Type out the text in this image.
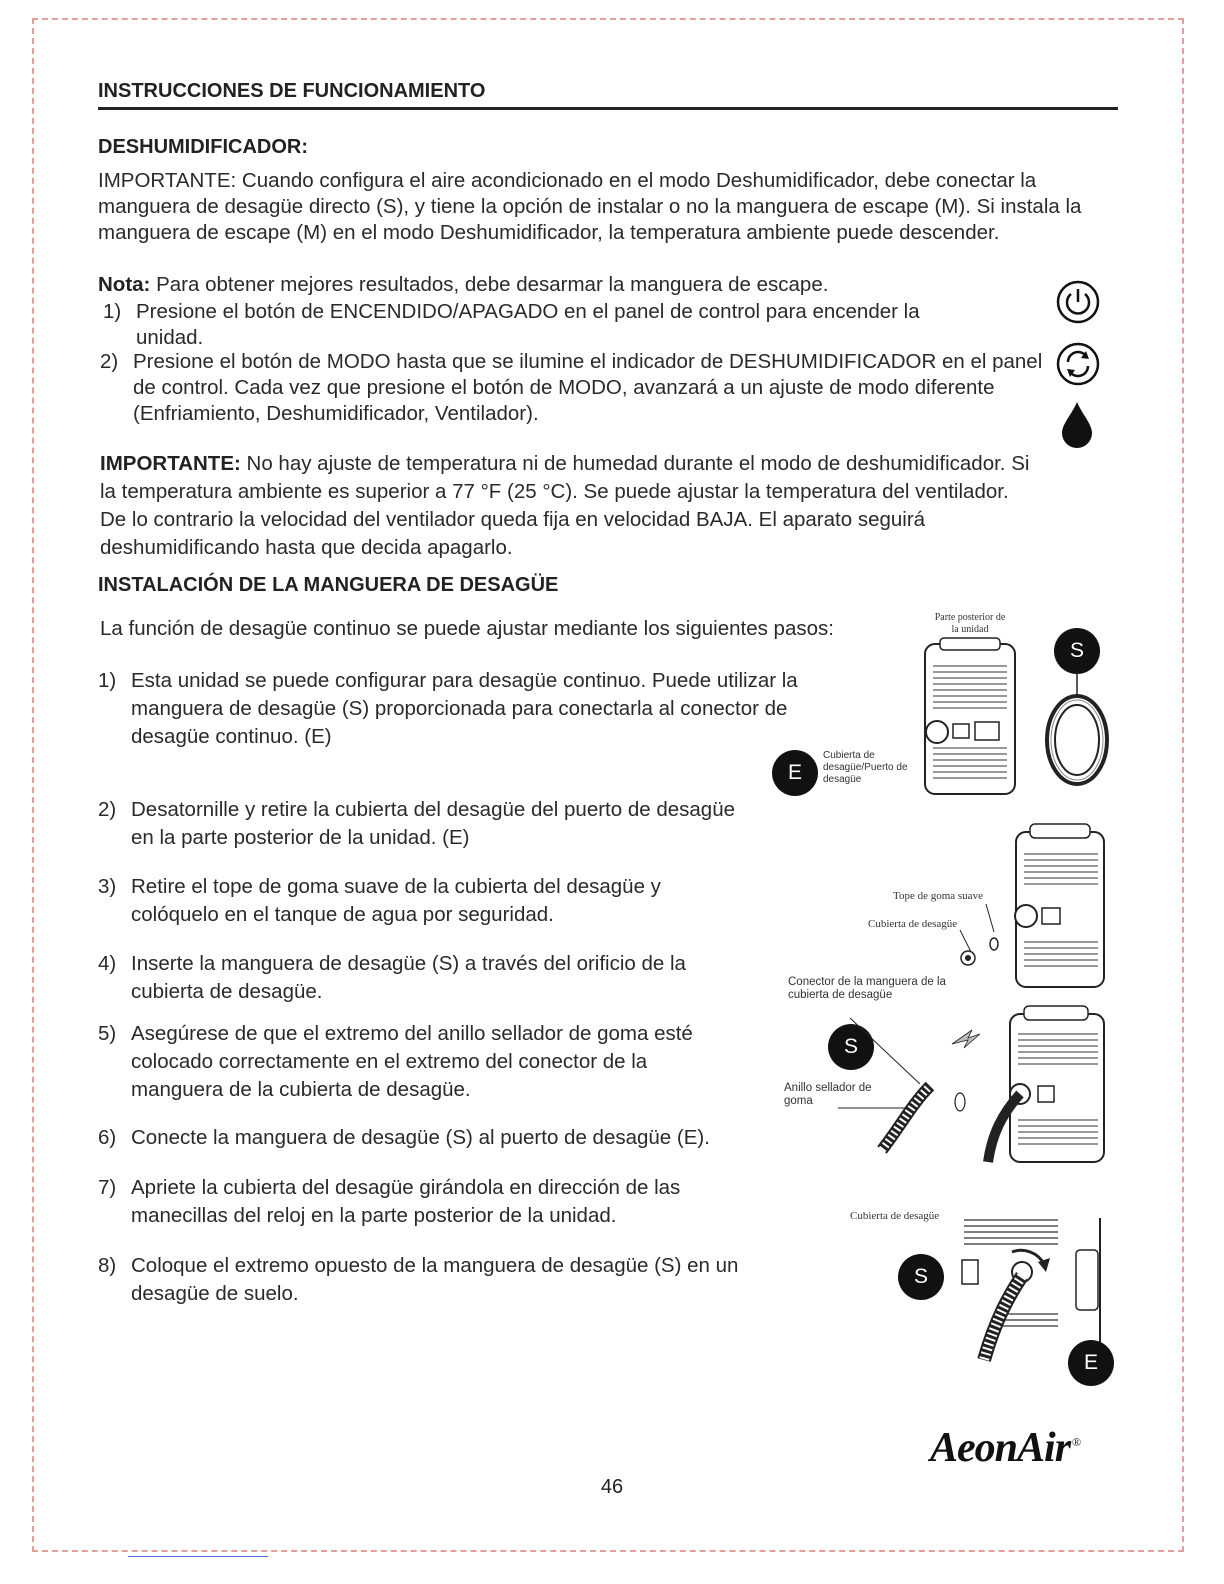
INSTRUCCIONES DE FUNCIONAMIENTO
DESHUMIDIFICADOR:
IMPORTANTE: Cuando configura el aire acondicionado en el modo Deshumidificador, debe conectar la manguera de desagüe directo (S), y tiene la opción de instalar o no la manguera de escape (M). Si instala la manguera de escape (M) en el modo Deshumidificador, la temperatura ambiente puede descender.
Nota: Para obtener mejores resultados, debe desarmar la manguera de escape.
1) Presione el botón de ENCENDIDO/APAGADO en el panel de control para encender la unidad.
2) Presione el botón de MODO hasta que se ilumine el indicador de DESHUMIDIFICADOR en el panel de control. Cada vez que presione el botón de MODO, avanzará a un ajuste de modo diferente (Enfriamiento, Deshumidificador, Ventilador).
IMPORTANTE: No hay ajuste de temperatura ni de humedad durante el modo de deshumidificador. Si la temperatura ambiente es superior a 77 °F (25 °C). Se puede ajustar la temperatura del ventilador. De lo contrario la velocidad del ventilador queda fija en velocidad BAJA. El aparato seguirá deshumidificando hasta que decida apagarlo.
INSTALACIÓN DE LA MANGUERA DE DESAGÜE
La función de desagüe continuo se puede ajustar mediante los siguientes pasos:
1) Esta unidad se puede configurar para desagüe continuo. Puede utilizar la manguera de desagüe (S) proporcionada para conectarla al conector de desagüe continuo. (E)
2) Desatornille y retire la cubierta del desagüe del puerto de desagüe en la parte posterior de la unidad. (E)
3) Retire el tope de goma suave de la cubierta del desagüe y colóquelo en el tanque de agua por seguridad.
4) Inserte la manguera de desagüe (S) a través del orificio de la cubierta de desagüe.
5) Asegúrese de que el extremo del anillo sellador de goma esté colocado correctamente en el extremo del conector de la manguera de la cubierta de desagüe.
6) Conecte la manguera de desagüe (S) al puerto de desagüe (E).
7) Apriete la cubierta del desagüe girándola en dirección de las manecillas del reloj en la parte posterior de la unidad.
8) Coloque el extremo opuesto de la manguera de desagüe (S) en un desagüe de suelo.
Parte posterior de la unidad
S
E
Cubierta de desagüe/Puerto de desagüe
Tope de goma suave
Cubierta de desagüe
Conector de la manguera de la cubierta de desagüe
S
Anillo sellador de goma
Cubierta de desagüe
S
E
AeonAir ®
46
